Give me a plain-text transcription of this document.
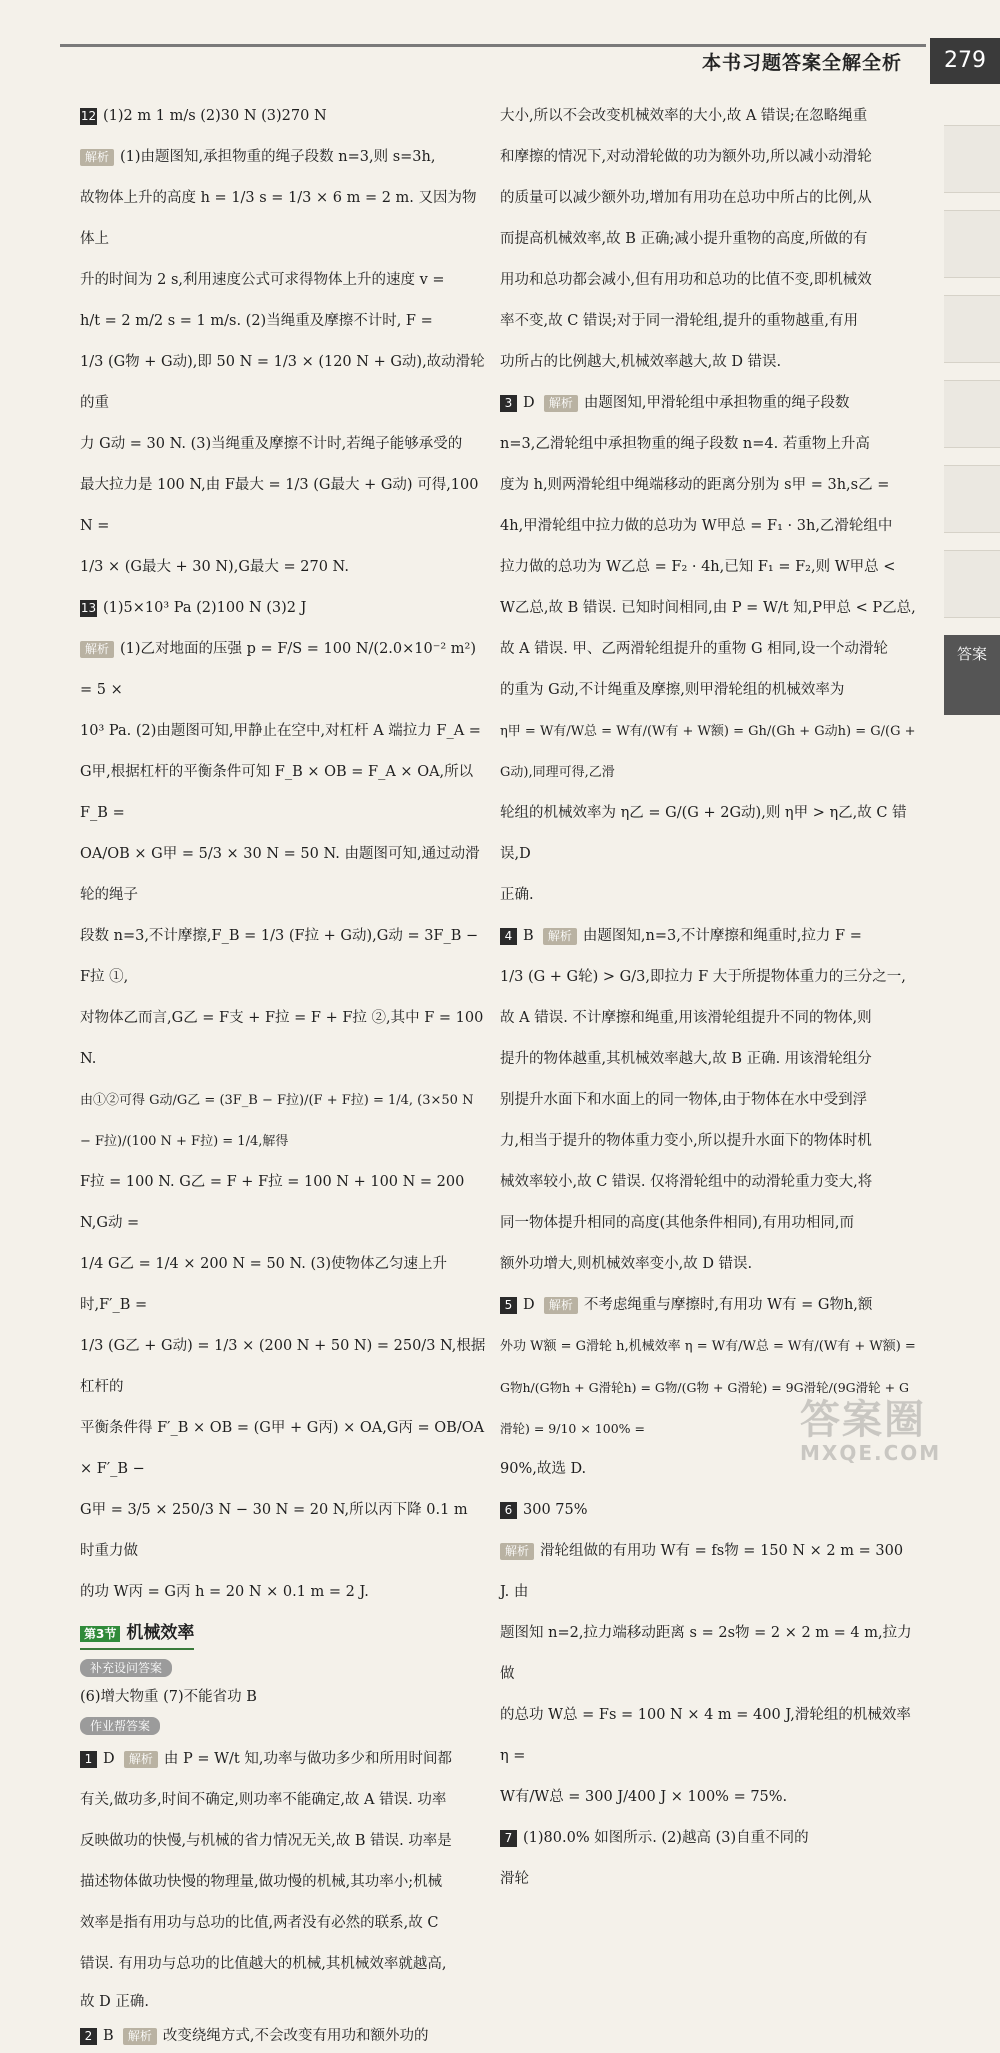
本书习题答案全解全析	279
答案

12 (1)2 m 1 m/s (2)30 N (3)270 N

解析 (1)由题图知,承担物重的绳子段数 n=3,则 s=3h,

故物体上升的高度 h = 1/3 s = 1/3 × 6 m = 2 m. 又因为物体上

升的时间为 2 s,利用速度公式可求得物体上升的速度 v =

h/t = 2 m/2 s = 1 m/s. (2)当绳重及摩擦不计时, F =

1/3 (G物 + G动),即 50 N = 1/3 × (120 N + G动),故动滑轮的重

力 G动 = 30 N. (3)当绳重及摩擦不计时,若绳子能够承受的

最大拉力是 100 N,由 F最大 = 1/3 (G最大 + G动) 可得,100 N =

1/3 × (G最大 + 30 N),G最大 = 270 N.

13 (1)5×10³ Pa (2)100 N (3)2 J

解析 (1)乙对地面的压强 p = F/S = 100 N/(2.0×10⁻² m²) = 5 ×

10³ Pa. (2)由题图可知,甲静止在空中,对杠杆 A 端拉力 F_A =

G甲,根据杠杆的平衡条件可知 F_B × OB = F_A × OA,所以 F_B =

OA/OB × G甲 = 5/3 × 30 N = 50 N. 由题图可知,通过动滑轮的绳子

段数 n=3,不计摩擦,F_B = 1/3 (F拉 + G动),G动 = 3F_B − F拉 ①,

对物体乙而言,G乙 = F支 + F拉 = F + F拉 ②,其中 F = 100 N.

由①②可得 G动/G乙 = (3F_B − F拉)/(F + F拉) = 1/4, (3×50 N − F拉)/(100 N + F拉) = 1/4,解得

F拉 = 100 N. G乙 = F + F拉 = 100 N + 100 N = 200 N,G动 =

1/4 G乙 = 1/4 × 200 N = 50 N. (3)使物体乙匀速上升时,F′_B =

1/3 (G乙 + G动) = 1/3 × (200 N + 50 N) = 250/3 N,根据杠杆的

平衡条件得 F′_B × OB = (G甲 + G丙) × OA,G丙 = OB/OA × F′_B −

G甲 = 3/5 × 250/3 N − 30 N = 20 N,所以丙下降 0.1 m 时重力做

的功 W丙 = G丙 h = 20 N × 0.1 m = 2 J.

第3节 机械效率
补充设问答案

(6)增大物重 (7)不能省功 B

作业帮答案

1 D 解析 由 P = W/t 知,功率与做功多少和所用时间都

有关,做功多,时间不确定,则功率不能确定,故 A 错误. 功率

反映做功的快慢,与机械的省力情况无关,故 B 错误. 功率是

描述物体做功快慢的物理量,做功慢的机械,其功率小;机械

效率是指有用功与总功的比值,两者没有必然的联系,故 C

错误. 有用功与总功的比值越大的机械,其机械效率就越高,

故 D 正确.

2 B 解析 改变绕绳方式,不会改变有用功和额外功的

大小,所以不会改变机械效率的大小,故 A 错误;在忽略绳重

和摩擦的情况下,对动滑轮做的功为额外功,所以减小动滑轮

的质量可以减少额外功,增加有用功在总功中所占的比例,从

而提高机械效率,故 B 正确;减小提升重物的高度,所做的有

用功和总功都会减小,但有用功和总功的比值不变,即机械效

率不变,故 C 错误;对于同一滑轮组,提升的重物越重,有用

功所占的比例越大,机械效率越大,故 D 错误.

3 D 解析 由题图知,甲滑轮组中承担物重的绳子段数

n=3,乙滑轮组中承担物重的绳子段数 n=4. 若重物上升高

度为 h,则两滑轮组中绳端移动的距离分别为 s甲 = 3h,s乙 =

4h,甲滑轮组中拉力做的总功为 W甲总 = F₁ · 3h,乙滑轮组中

拉力做的总功为 W乙总 = F₂ · 4h,已知 F₁ = F₂,则 W甲总 <

W乙总,故 B 错误. 已知时间相同,由 P = W/t 知,P甲总 < P乙总,

故 A 错误. 甲、乙两滑轮组提升的重物 G 相同,设一个动滑轮

的重为 G动,不计绳重及摩擦,则甲滑轮组的机械效率为

η甲 = W有/W总 = W有/(W有 + W额) = Gh/(Gh + G动h) = G/(G + G动),同理可得,乙滑

轮组的机械效率为 η乙 = G/(G + 2G动),则 η甲 > η乙,故 C 错误,D

正确.

4 B 解析 由题图知,n=3,不计摩擦和绳重时,拉力 F =

1/3 (G + G轮) > G/3,即拉力 F 大于所提物体重力的三分之一,

故 A 错误. 不计摩擦和绳重,用该滑轮组提升不同的物体,则

提升的物体越重,其机械效率越大,故 B 正确. 用该滑轮组分

别提升水面下和水面上的同一物体,由于物体在水中受到浮

力,相当于提升的物体重力变小,所以提升水面下的物体时机

械效率较小,故 C 错误. 仅将滑轮组中的动滑轮重力变大,将

同一物体提升相同的高度(其他条件相同),有用功相同,而

额外功增大,则机械效率变小,故 D 错误.

5 D 解析 不考虑绳重与摩擦时,有用功 W有 = G物h,额

外功 W额 = G滑轮 h,机械效率 η = W有/W总 = W有/(W有 + W额) =

G物h/(G物h + G滑轮h) = G物/(G物 + G滑轮) = 9G滑轮/(9G滑轮 + G滑轮) = 9/10 × 100% =

90%,故选 D.

6 300 75%

解析 滑轮组做的有用功 W有 = fs物 = 150 N × 2 m = 300 J. 由

题图知 n=2,拉力端移动距离 s = 2s物 = 2 × 2 m = 4 m,拉力做

的总功 W总 = Fs = 100 N × 4 m = 400 J,滑轮组的机械效率 η =

W有/W总 = 300 J/400 J × 100% = 75%.

7 (1)80.0% 如图所示. (2)越高 (3)自重不同的

滑轮

答案圈
MXQE.COM
